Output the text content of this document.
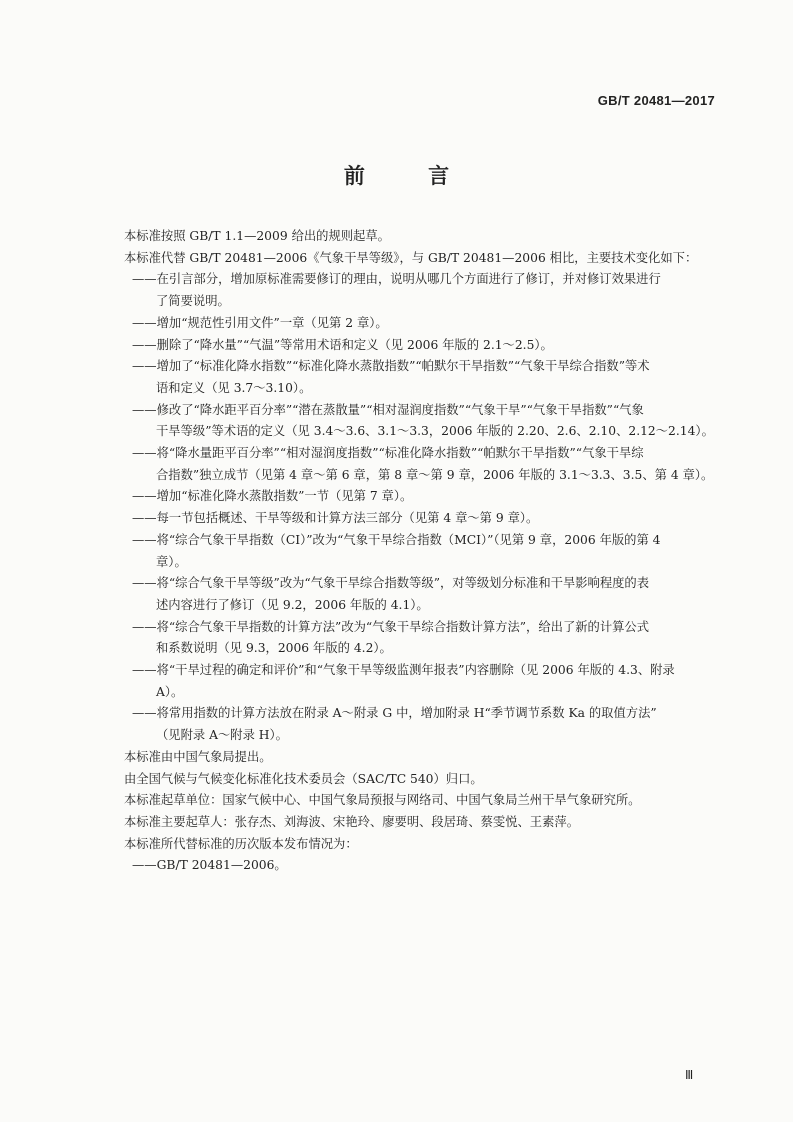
GB/T 20481—2017
前 言
本标准按照 GB/T 1.1—2009 给出的规则起草。
本标准代替 GB/T 20481—2006《气象干旱等级》，与 GB/T 20481—2006 相比，主要技术变化如下：
——在引言部分，增加原标准需要修订的理由，说明从哪几个方面进行了修订，并对修订效果进行
了简要说明。
——增加“规范性引用文件”一章（见第 2 章）。
——删除了“降水量”“气温”等常用术语和定义（见 2006 年版的 2.1～2.5）。
——增加了“标准化降水指数”“标准化降水蒸散指数”“帕默尔干旱指数”“气象干旱综合指数”等术
语和定义（见 3.7～3.10）。
——修改了“降水距平百分率”“潜在蒸散量”“相对湿润度指数”“气象干旱”“气象干旱指数”“气象
干旱等级”等术语的定义（见 3.4～3.6、3.1～3.3，2006 年版的 2.20、2.6、2.10、2.12～2.14）。
——将“降水量距平百分率”“相对湿润度指数”“标准化降水指数”“帕默尔干旱指数”“气象干旱综
合指数”独立成节（见第 4 章～第 6 章，第 8 章～第 9 章，2006 年版的 3.1～3.3、3.5、第 4 章）。
——增加“标准化降水蒸散指数”一节（见第 7 章）。
——每一节包括概述、干旱等级和计算方法三部分（见第 4 章～第 9 章）。
——将“综合气象干旱指数（CI）”改为“气象干旱综合指数（MCI）”（见第 9 章，2006 年版的第 4
章）。
——将“综合气象干旱等级”改为“气象干旱综合指数等级”，对等级划分标准和干旱影响程度的表
述内容进行了修订（见 9.2，2006 年版的 4.1）。
——将“综合气象干旱指数的计算方法”改为“气象干旱综合指数计算方法”，给出了新的计算公式
和系数说明（见 9.3，2006 年版的 4.2）。
——将“干旱过程的确定和评价”和“气象干旱等级监测年报表”内容删除（见 2006 年版的 4.3、附录
A）。
——将常用指数的计算方法放在附录 A～附录 G 中，增加附录 H“季节调节系数 Ka 的取值方法”
（见附录 A～附录 H）。
本标准由中国气象局提出。
由全国气候与气候变化标准化技术委员会（SAC/TC 540）归口。
本标准起草单位：国家气候中心、中国气象局预报与网络司、中国气象局兰州干旱气象研究所。
本标准主要起草人：张存杰、刘海波、宋艳玲、廖要明、段居琦、蔡雯悦、王素萍。
本标准所代替标准的历次版本发布情况为：
——GB/T 20481—2006。
Ⅲ
